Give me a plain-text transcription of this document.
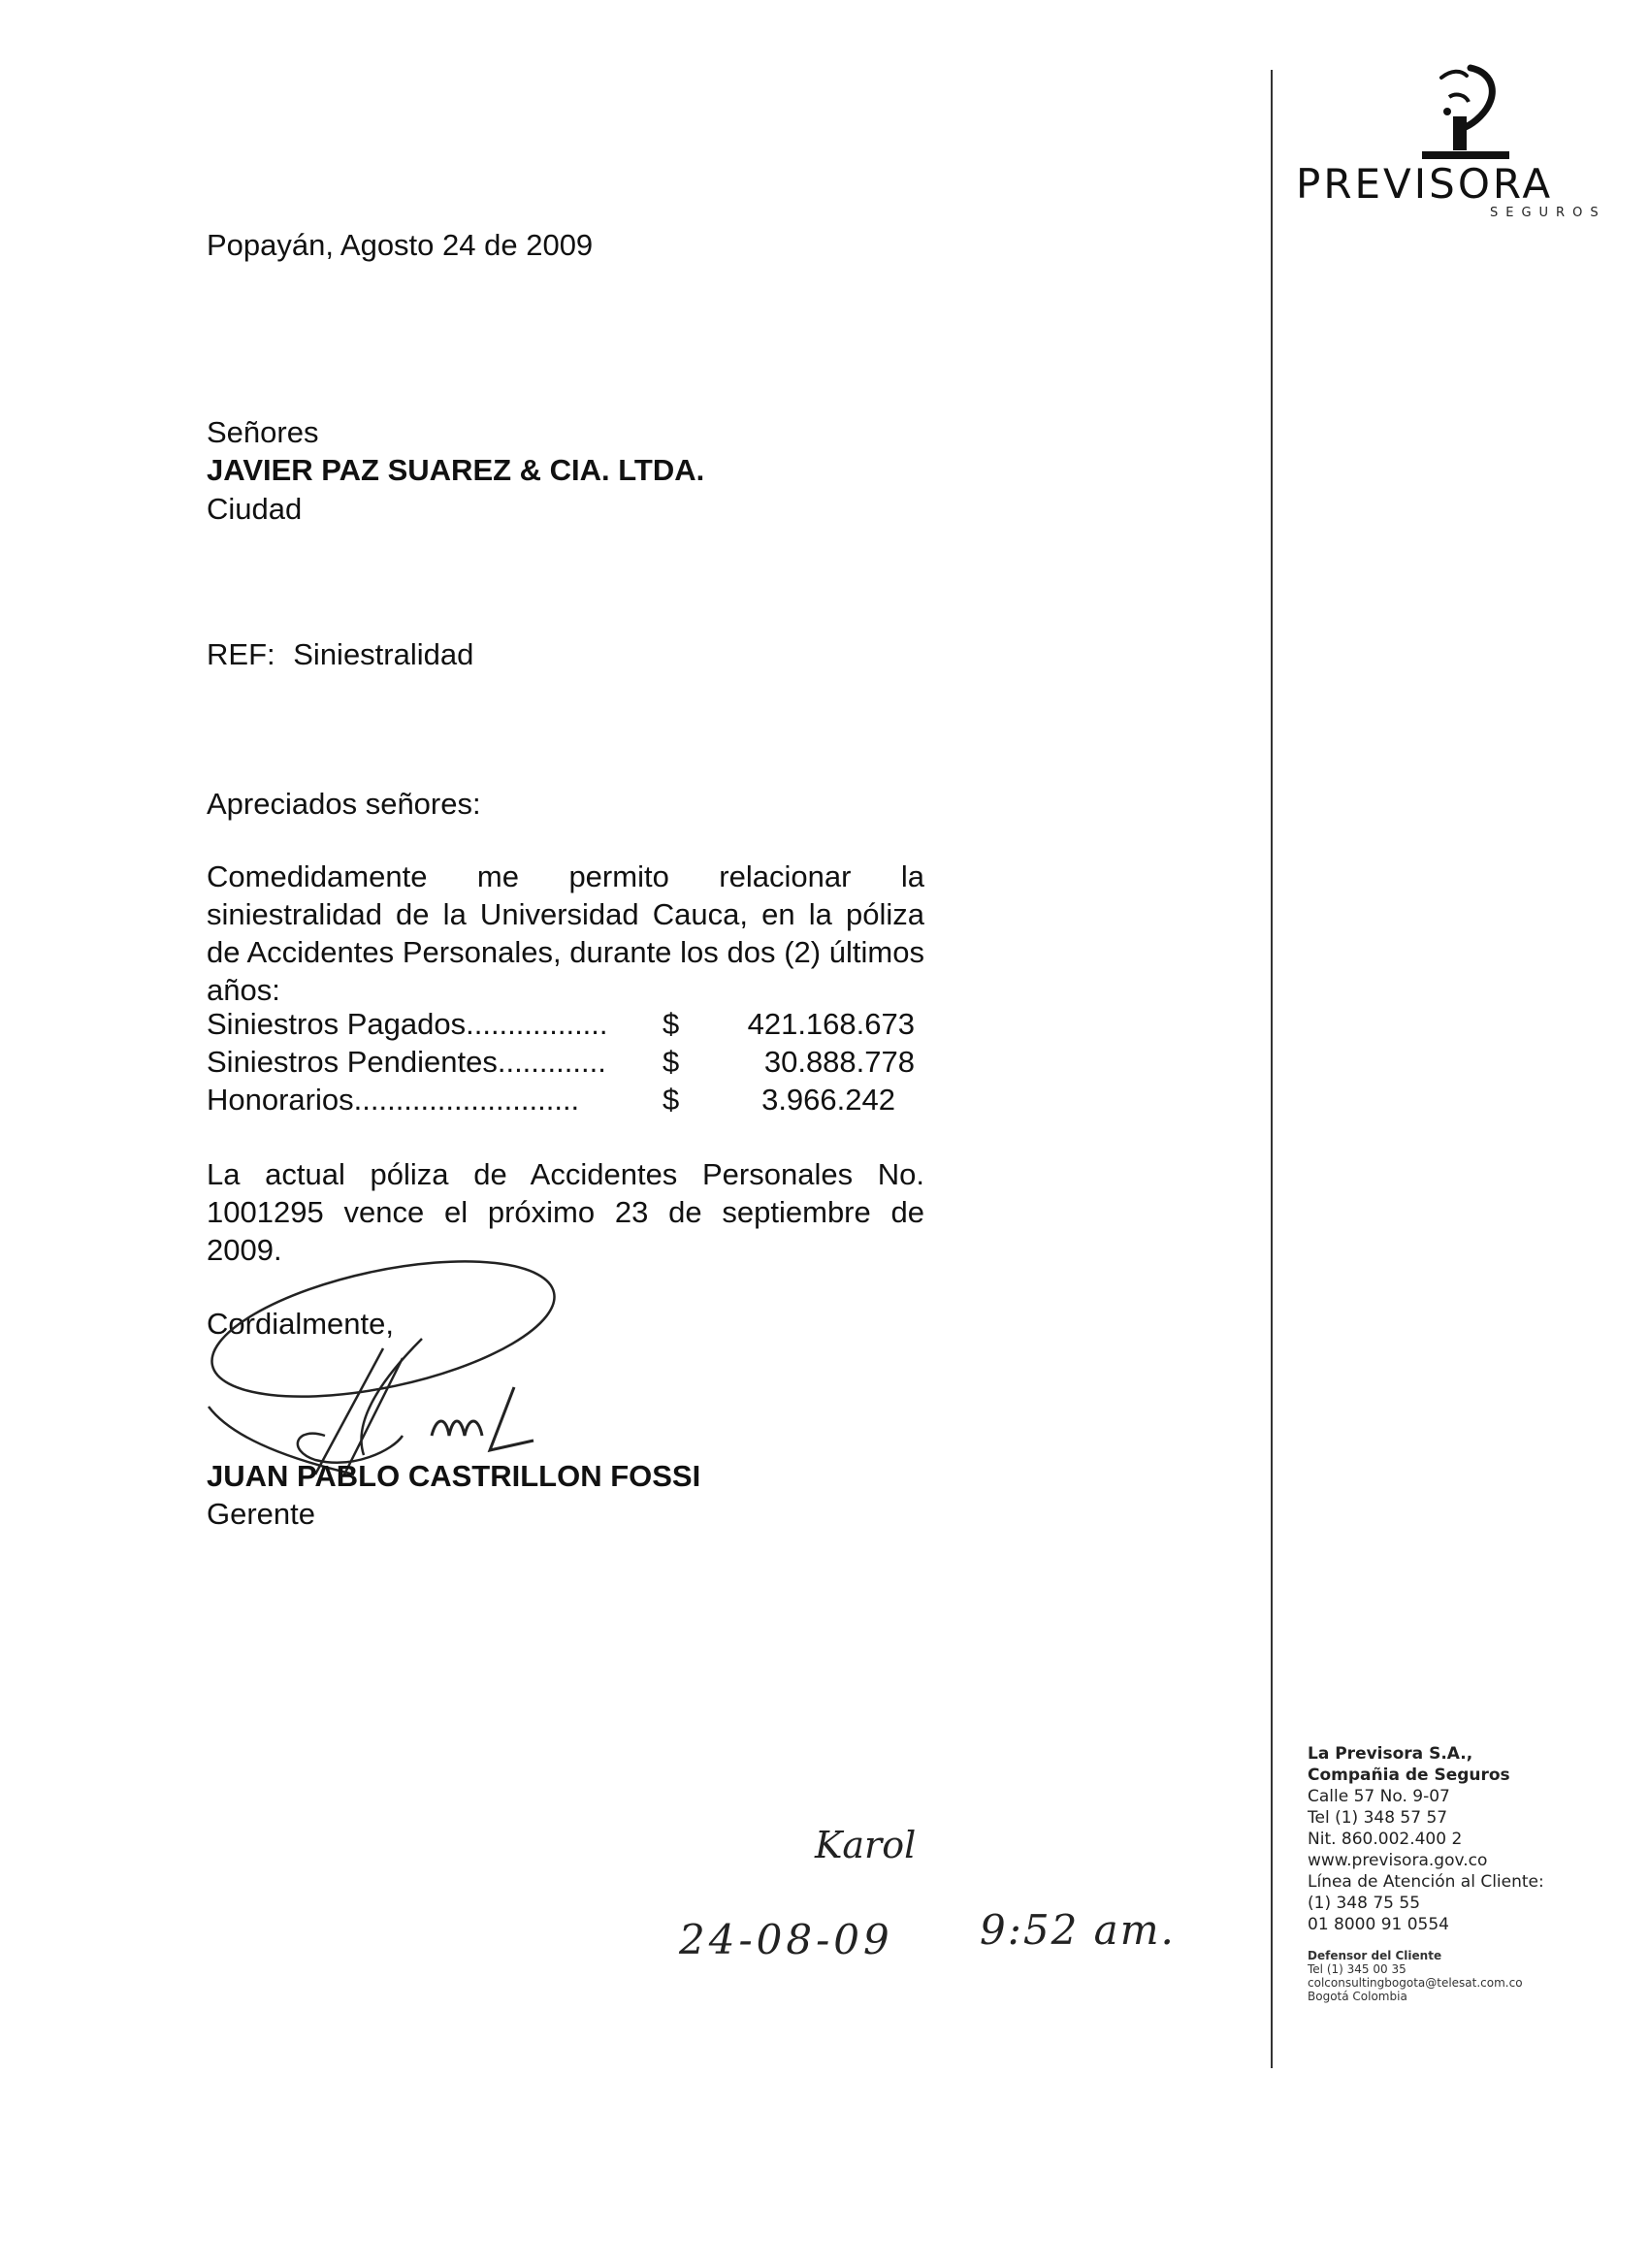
PREVISORA
SEGUROS
Popayán, Agosto 24 de 2009
Señores
JAVIER PAZ SUAREZ & CIA. LTDA.
Ciudad
REF: Siniestralidad
Apreciados señores:
Comedidamente me permito relacionar la siniestralidad de la Universidad Cauca, en la póliza de Accidentes Personales, durante los dos (2) últimos años:
Siniestros Pagados................. $	421.168.673
Siniestros Pendientes............. $	30.888.778
Honorarios...........................	$	3.966.242
La actual póliza de Accidentes Personales No. 1001295 vence el próximo 23 de septiembre de 2009.
Cordialmente,
JUAN PABLO CASTRILLON FOSSI
Gerente
Karol
24-08-09 9:52 am.
La Previsora S.A.,
Compañia de Seguros
Calle 57 No. 9-07
Tel (1) 348 57 57
Nit. 860.002.400 2
www.previsora.gov.co
Línea de Atención al Cliente:
(1) 348 75 55
01 8000 91 0554
Defensor del Cliente
Tel (1) 345 00 35
colconsultingbogota@telesat.com.co
Bogotá Colombia
